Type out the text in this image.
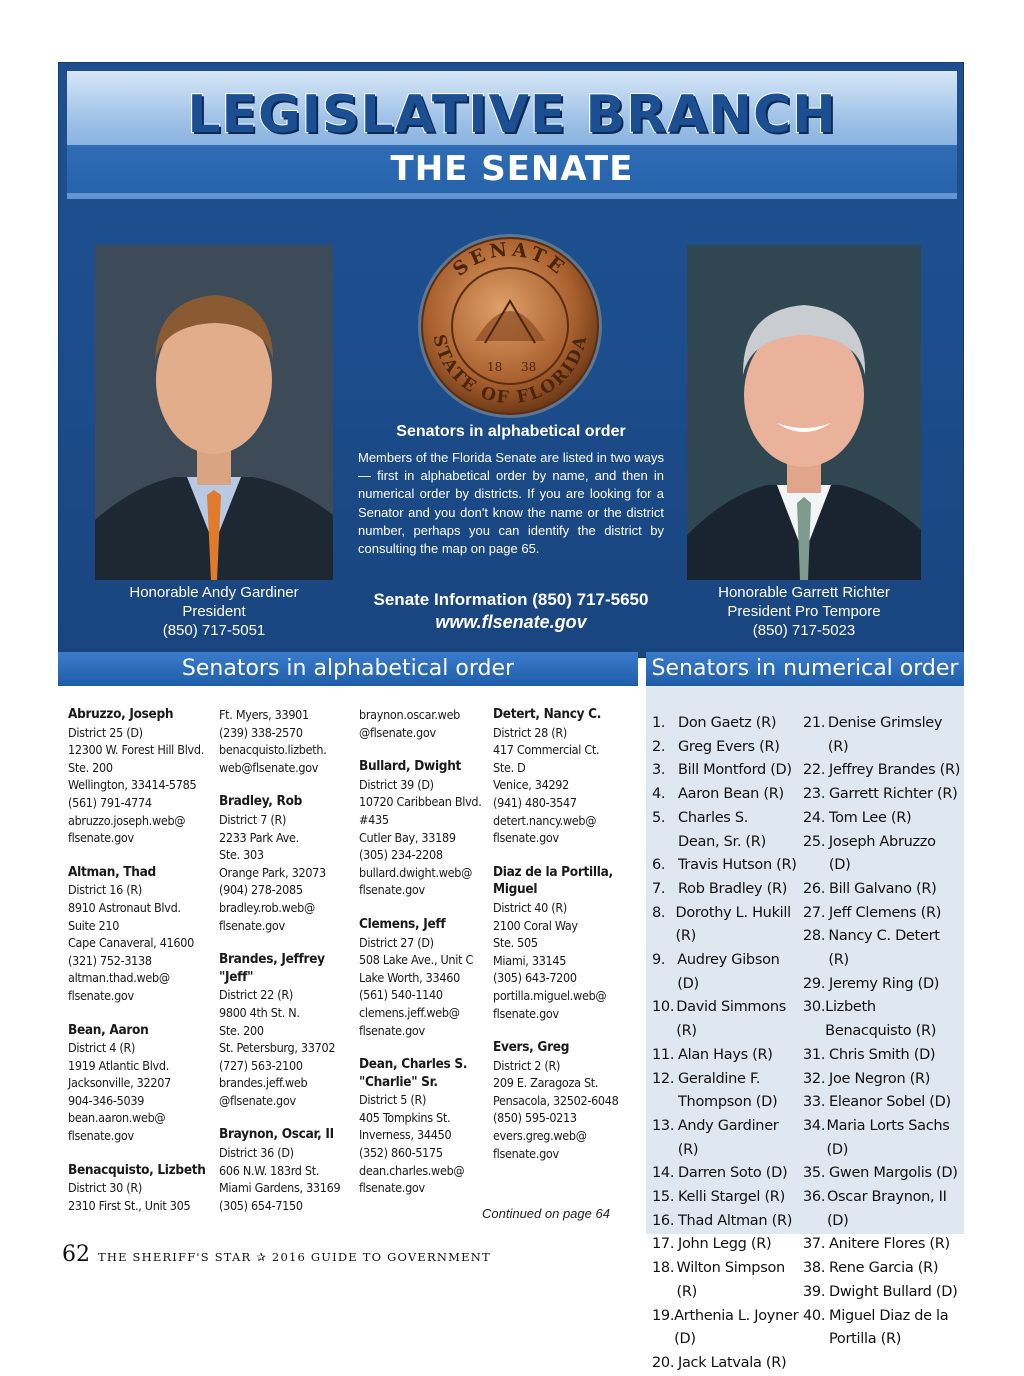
LEGISLATIVE BRANCH
THE SENATE
Honorable Andy Gardiner
President
(850) 717-5051
SENATE
STATE OF FLORIDA
18 38
Senators in alphabetical order
Members of the Florida Senate are listed in two ways — first in alphabetical order by name, and then in numerical order by districts. If you are looking for a Senator and you don't know the name or the district number, perhaps you can identify the district by consulting the map on page 65.
Senate Information (850) 717-5650
www.flsenate.gov
Honorable Garrett Richter
President Pro Tempore
(850) 717-5023
Senators in alphabetical order	Senators in numerical order
Abruzzo, Joseph
District 25 (D)
12300 W. Forest Hill Blvd.
Ste. 200
Wellington, 33414-5785
(561) 791-4774
abruzzo.joseph.web@
flsenate.gov
Altman, Thad
District 16 (R)
8910 Astronaut Blvd.
Suite 210
Cape Canaveral, 41600
(321) 752-3138
altman.thad.web@
flsenate.gov
Bean, Aaron
District 4 (R)
1919 Atlantic Blvd.
Jacksonville, 32207
904-346-5039
bean.aaron.web@
flsenate.gov
Benacquisto, Lizbeth
District 30 (R)
2310 First St., Unit 305
Ft. Myers, 33901
(239) 338-2570
benacquisto.lizbeth.
web@flsenate.gov
Bradley, Rob
District 7 (R)
2233 Park Ave.
Ste. 303
Orange Park, 32073
(904) 278-2085
bradley.rob.web@
flsenate.gov
Brandes, Jeffrey "Jeff"
District 22 (R)
9800 4th St. N.
Ste. 200
St. Petersburg, 33702
(727) 563-2100
brandes.jeff.web
@flsenate.gov
Braynon, Oscar, II
District 36 (D)
606 N.W. 183rd St.
Miami Gardens, 33169
(305) 654-7150
braynon.oscar.web
@flsenate.gov
Bullard, Dwight
District 39 (D)
10720 Caribbean Blvd.
#435
Cutler Bay, 33189
(305) 234-2208
bullard.dwight.web@
flsenate.gov
Clemens, Jeff
District 27 (D)
508 Lake Ave., Unit C
Lake Worth, 33460
(561) 540-1140
clemens.jeff.web@
flsenate.gov
Dean, Charles S. "Charlie" Sr.
District 5 (R)
405 Tompkins St.
Inverness, 34450
(352) 860-5175
dean.charles.web@
flsenate.gov
Detert, Nancy C.
District 28 (R)
417 Commercial Ct.
Ste. D
Venice, 34292
(941) 480-3547
detert.nancy.web@
flsenate.gov
Diaz de la Portilla, Miguel
District 40 (R)
2100 Coral Way
Ste. 505
Miami, 33145
(305) 643-7200
portilla.miguel.web@
flsenate.gov
Evers, Greg
District 2 (R)
209 E. Zaragoza St.
Pensacola, 32502-6048
(850) 595-0213
evers.greg.web@
flsenate.gov
Continued on page 64
1. Don Gaetz (R)
2. Greg Evers (R)
3. Bill Montford (D)
4. Aaron Bean (R)
5. Charles S.
Dean, Sr. (R)
6. Travis Hutson (R)
7. Rob Bradley (R)
8. Dorothy L. Hukill (R)
9. Audrey Gibson (D)
10. David Simmons (R)
11. Alan Hays (R)
12. Geraldine F.
Thompson (D)
13. Andy Gardiner (R)
14. Darren Soto (D)
15. Kelli Stargel (R)
16. Thad Altman (R)
17. John Legg (R)
18. Wilton Simpson (R)
19. Arthenia L. Joyner (D)
20. Jack Latvala (R)
21. Denise Grimsley (R)
22. Jeffrey Brandes (R)
23. Garrett Richter (R)
24. Tom Lee (R)
25. Joseph Abruzzo (D)
26. Bill Galvano (R)
27. Jeff Clemens (R)
28. Nancy C. Detert (R)
29. Jeremy Ring (D)
30. Lizbeth Benacquisto (R)
31. Chris Smith (D)
32. Joe Negron (R)
33. Eleanor Sobel (D)
34. Maria Lorts Sachs (D)
35. Gwen Margolis (D)
36. Oscar Braynon, II (D)
37. Anitere Flores (R)
38. Rene Garcia (R)
39. Dwight Bullard (D)
40. Miguel Diaz de la
Portilla (R)
62 THE SHERIFF'S STAR ✰ 2016 GUIDE TO GOVERNMENT
